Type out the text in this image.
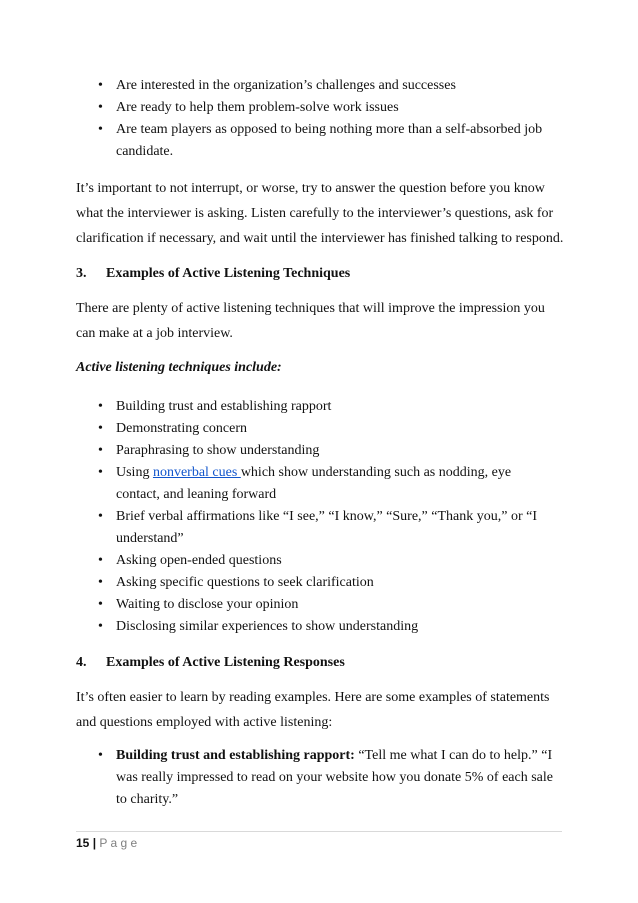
• Are interested in the organization’s challenges and successes
• Are ready to help them problem-solve work issues
• Are team players as opposed to being nothing more than a self-absorbed job candidate.

It’s important to not interrupt, or worse, try to answer the question before you know what the interviewer is asking. Listen carefully to the interviewer’s questions, ask for clarification if necessary, and wait until the interviewer has finished talking to respond.

3. Examples of Active Listening Techniques

There are plenty of active listening techniques that will improve the impression you can make at a job interview.

Active listening techniques include:
• Building trust and establishing rapport
• Demonstrating concern
• Paraphrasing to show understanding
• Using nonverbal cues which show understanding such as nodding, eye contact, and leaning forward
• Brief verbal affirmations like “I see,” “I know,” “Sure,” “Thank you,” or “I understand”
• Asking open-ended questions
• Asking specific questions to seek clarification
• Waiting to disclose your opinion
• Disclosing similar experiences to show understanding
4. Examples of Active Listening Responses

It’s often easier to learn by reading examples. Here are some examples of statements and questions employed with active listening:

• Building trust and establishing rapport: “Tell me what I can do to help.” “I was really impressed to read on your website how you donate 5% of each sale to charity.”
15 | P a g e
